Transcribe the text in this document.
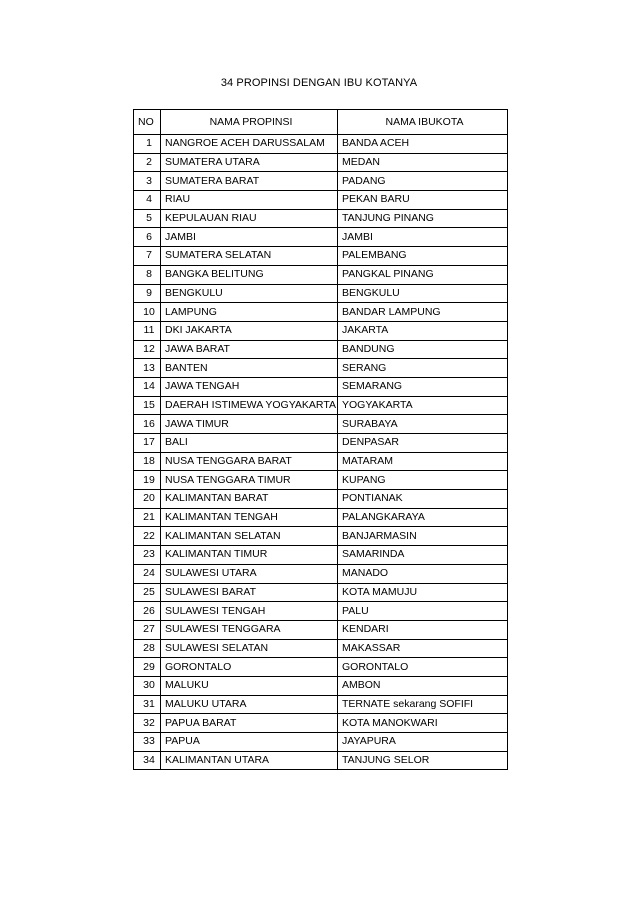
34 PROPINSI DENGAN IBU KOTANYA
NO	NAMA PROPINSI	NAMA IBUKOTA
1	NANGROE ACEH DARUSSALAM	BANDA ACEH
2	SUMATERA UTARA	MEDAN
3	SUMATERA BARAT	PADANG
4	RIAU	PEKAN BARU
5	KEPULAUAN RIAU	TANJUNG PINANG
6	JAMBI	JAMBI
7	SUMATERA SELATAN	PALEMBANG
8	BANGKA BELITUNG	PANGKAL PINANG
9	BENGKULU	BENGKULU
10	LAMPUNG	BANDAR LAMPUNG
11	DKI JAKARTA	JAKARTA
12	JAWA BARAT	BANDUNG
13	BANTEN	SERANG
14	JAWA TENGAH	SEMARANG
15	DAERAH ISTIMEWA YOGYAKARTA	YOGYAKARTA
16	JAWA TIMUR	SURABAYA
17	BALI	DENPASAR
18	NUSA TENGGARA BARAT	MATARAM
19	NUSA TENGGARA TIMUR	KUPANG
20	KALIMANTAN BARAT	PONTIANAK
21	KALIMANTAN TENGAH	PALANGKARAYA
22	KALIMANTAN SELATAN	BANJARMASIN
23	KALIMANTAN TIMUR	SAMARINDA
24	SULAWESI UTARA	MANADO
25	SULAWESI BARAT	KOTA MAMUJU
26	SULAWESI TENGAH	PALU
27	SULAWESI TENGGARA	KENDARI
28	SULAWESI SELATAN	MAKASSAR
29	GORONTALO	GORONTALO
30	MALUKU	AMBON
31	MALUKU UTARA	TERNATE sekarang SOFIFI
32	PAPUA BARAT	KOTA MANOKWARI
33	PAPUA	JAYAPURA
34	KALIMANTAN UTARA	TANJUNG SELOR
